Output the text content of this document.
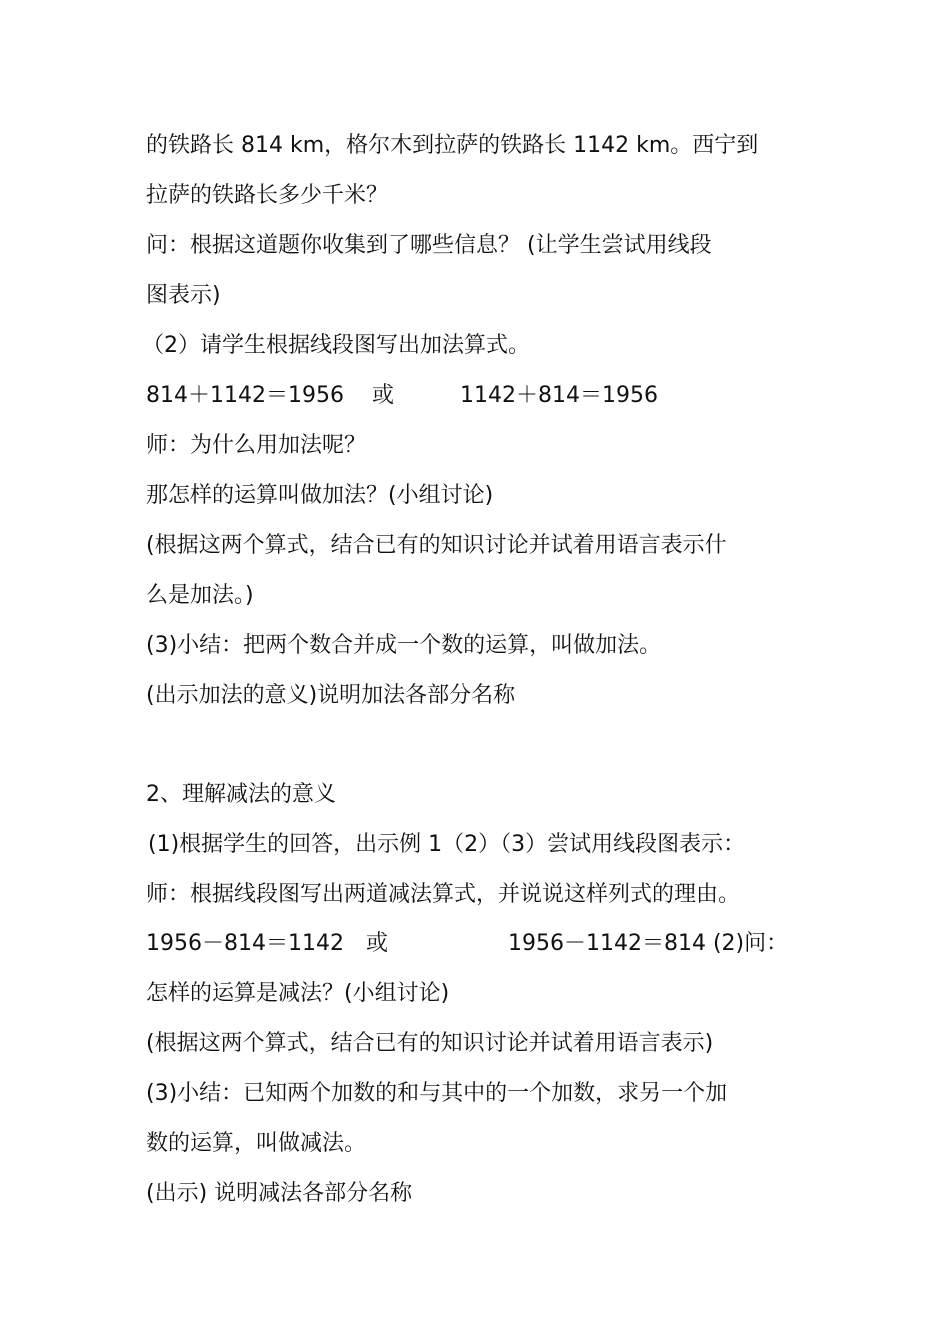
的铁路长 814 km，格尔木到拉萨的铁路长 1142 km。西宁到
拉萨的铁路长多少千米？
问：根据这道题你收集到了哪些信息？ (让学生尝试用线段
图表示)
（2）请学生根据线段图写出加法算式。
814＋1142＝1956 或	1142＋814＝1956
师：为什么用加法呢？
那怎样的运算叫做加法？(小组讨论)
(根据这两个算式，结合已有的知识讨论并试着用语言表示什
么是加法。)
(3)小结：把两个数合并成一个数的运算，叫做加法。
(出示加法的意义)说明加法各部分名称
2、理解减法的意义
(1)根据学生的回答，出示例 1（2）（3）尝试用线段图表示：
师：根据线段图写出两道减法算式，并说说这样列式的理由。
1956－814＝1142 或	1956－1142＝814 (2)问：
怎样的运算是减法？(小组讨论)
(根据这两个算式，结合已有的知识讨论并试着用语言表示)
(3)小结：已知两个加数的和与其中的一个加数，求另一个加
数的运算，叫做减法。
(出示) 说明减法各部分名称
